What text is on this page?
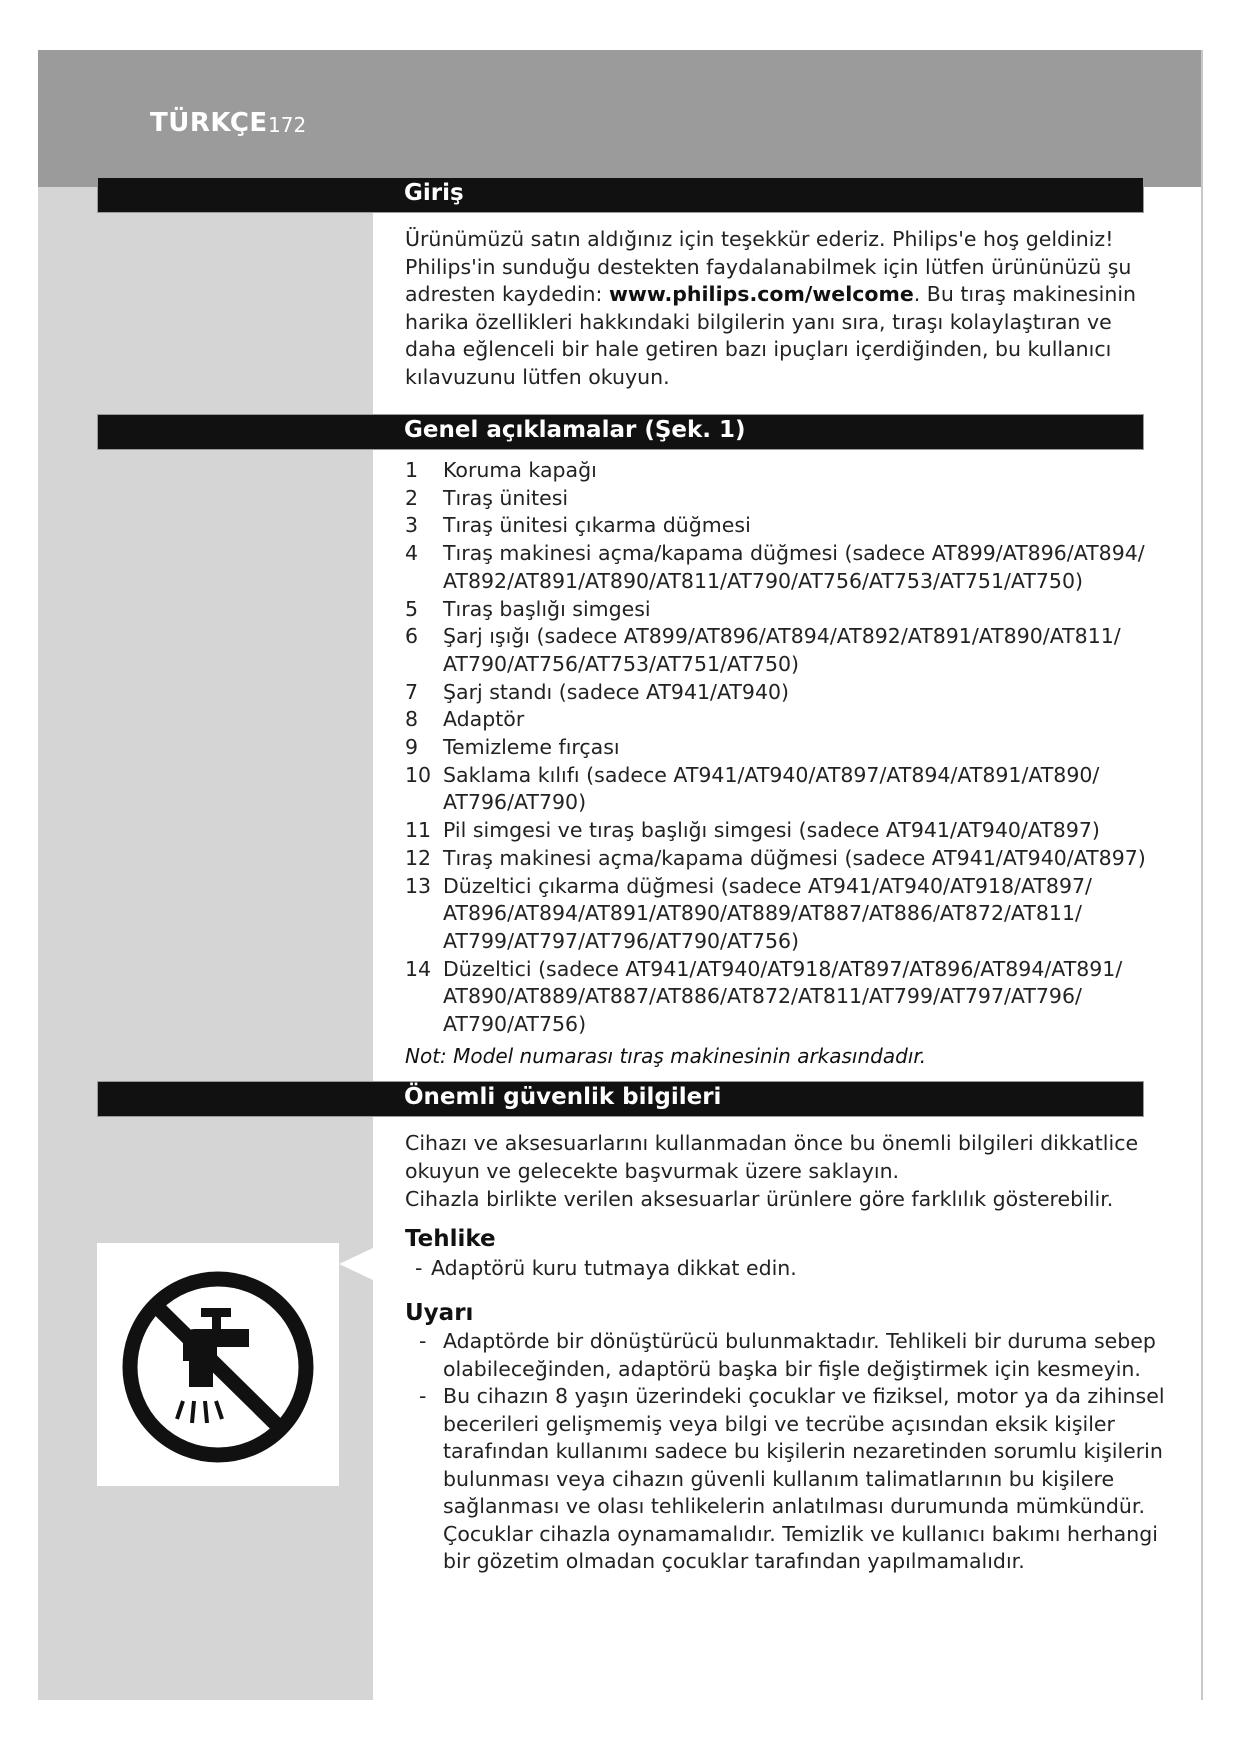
TÜRKÇE 172
Giriş
Ürünümüzü satın aldığınız için teşekkür ederiz. Philips'e hoş geldiniz! Philips'in sunduğu destekten faydalanabilmek için lütfen ürününüzü şu adresten kaydedin: www.philips.com/welcome. Bu tıraş makinesinin harika özellikleri hakkındaki bilgilerin yanı sıra, tıraşı kolaylaştıran ve daha eğlenceli bir hale getiren bazı ipuçları içerdiğinden, bu kullanıcı kılavuzunu lütfen okuyun.
Genel açıklamalar (Şek. 1)
1 Koruma kapağı
2 Tıraş ünitesi
3 Tıraş ünitesi çıkarma düğmesi
4 Tıraş makinesi açma/kapama düğmesi (sadece AT899/AT896/AT894/ AT892/AT891/AT890/AT811/AT790/AT756/AT753/AT751/AT750)
5 Tıraş başlığı simgesi
6 Şarj ışığı (sadece AT899/AT896/AT894/AT892/AT891/AT890/AT811/ AT790/AT756/AT753/AT751/AT750)
7 Şarj standı (sadece AT941/AT940)
8 Adaptör
9 Temizleme fırçası
10 Saklama kılıfı (sadece AT941/AT940/AT897/AT894/AT891/AT890/ AT796/AT790)
11 Pil simgesi ve tıraş başlığı simgesi (sadece AT941/AT940/AT897)
12 Tıraş makinesi açma/kapama düğmesi (sadece AT941/AT940/AT897)
13 Düzeltici çıkarma düğmesi (sadece AT941/AT940/AT918/AT897/ AT896/AT894/AT891/AT890/AT889/AT887/AT886/AT872/AT811/ AT799/AT797/AT796/AT790/AT756)
14 Düzeltici (sadece AT941/AT940/AT918/AT897/AT896/AT894/AT891/ AT890/AT889/AT887/AT886/AT872/AT811/AT799/AT797/AT796/ AT790/AT756)
Not: Model numarası tıraş makinesinin arkasındadır.
Önemli güvenlik bilgileri
Cihazı ve aksesuarlarını kullanmadan önce bu önemli bilgileri dikkatlice okuyun ve gelecekte başvurmak üzere saklayın.
Cihazla birlikte verilen aksesuarlar ürünlere göre farklılık gösterebilir.
Tehlike
- Adaptörü kuru tutmaya dikkat edin.
Uyarı
- Adaptörde bir dönüştürücü bulunmaktadır. Tehlikeli bir duruma sebep olabileceğinden, adaptörü başka bir fişle değiştirmek için kesmeyin.
- Bu cihazın 8 yaşın üzerindeki çocuklar ve fiziksel, motor ya da zihinsel becerileri gelişmemiş veya bilgi ve tecrübe açısından eksik kişiler tarafından kullanımı sadece bu kişilerin nezaretinden sorumlu kişilerin bulunması veya cihazın güvenli kullanım talimatlarının bu kişilere sağlanması ve olası tehlikelerin anlatılması durumunda mümkündür. Çocuklar cihazla oynamamalıdır. Temizlik ve kullanıcı bakımı herhangi bir gözetim olmadan çocuklar tarafından yapılmamalıdır.
